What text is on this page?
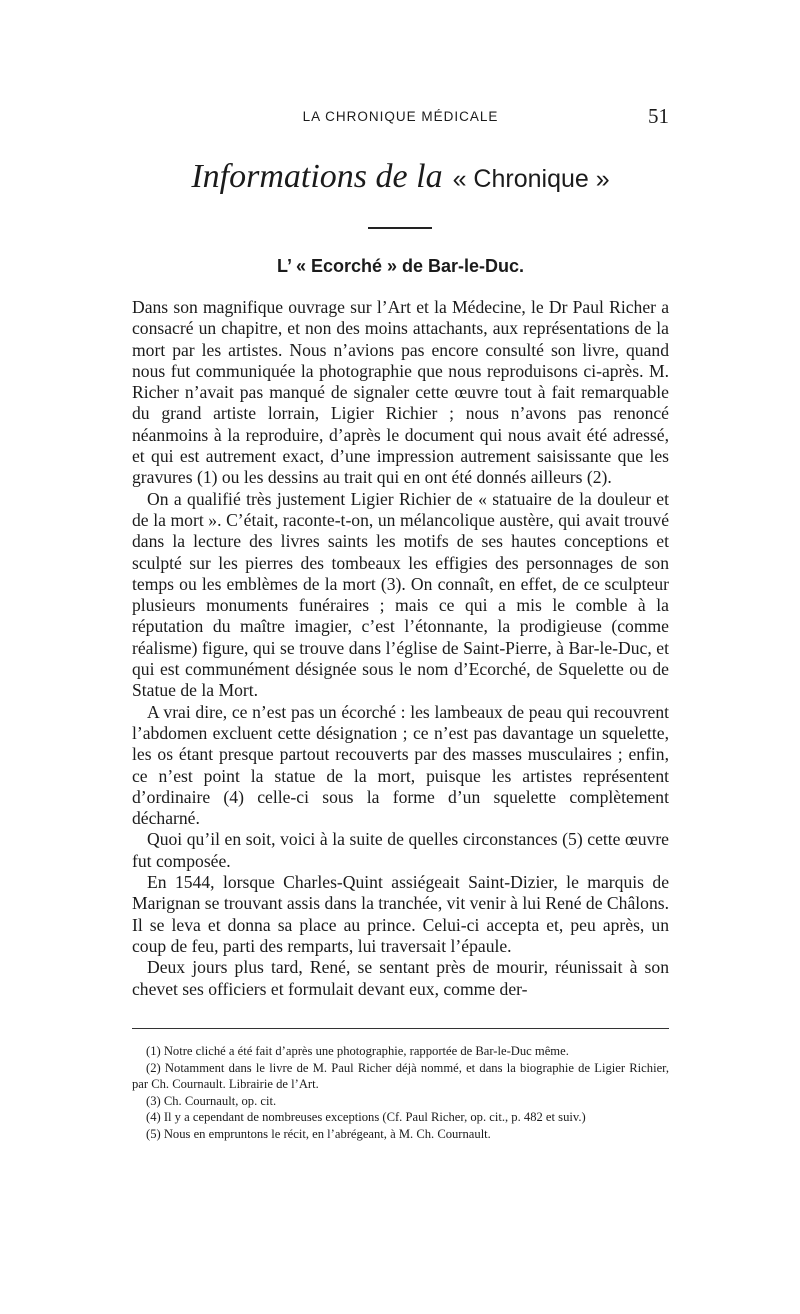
LA CHRONIQUE MÉDICALE	51
Informations de la « Chronique »
L’ « Ecorché » de Bar-le-Duc.

Dans son magnifique ouvrage sur l’Art et la Médecine, le Dr Paul Richer a consacré un chapitre, et non des moins attachants, aux représentations de la mort par les artistes. Nous n’avions pas encore consulté son livre, quand nous fut communiquée la photographie que nous reproduisons ci-après. M. Richer n’avait pas manqué de signaler cette œuvre tout à fait remarquable du grand artiste lorrain, Ligier Richier ; nous n’avons pas renoncé néanmoins à la reproduire, d’après le document qui nous avait été adressé, et qui est autrement exact, d’une impression autrement saisissante que les gravures (1) ou les dessins au trait qui en ont été donnés ailleurs (2).

On a qualifié très justement Ligier Richier de « statuaire de la douleur et de la mort ». C’était, raconte-t-on, un mélancolique austère, qui avait trouvé dans la lecture des livres saints les motifs de ses hautes conceptions et sculpté sur les pierres des tombeaux les effigies des personnages de son temps ou les emblèmes de la mort (3). On connaît, en effet, de ce sculpteur plusieurs monuments funéraires ; mais ce qui a mis le comble à la réputation du maître imagier, c’est l’étonnante, la prodigieuse (comme réalisme) figure, qui se trouve dans l’église de Saint-Pierre, à Bar-le-Duc, et qui est communément désignée sous le nom d’Ecorché, de Squelette ou de Statue de la Mort.

A vrai dire, ce n’est pas un écorché : les lambeaux de peau qui recouvrent l’abdomen excluent cette désignation ; ce n’est pas davantage un squelette, les os étant presque partout recouverts par des masses musculaires ; enfin, ce n’est point la statue de la mort, puisque les artistes représentent d’ordinaire (4) celle-ci sous la forme d’un squelette complètement décharné.

Quoi qu’il en soit, voici à la suite de quelles circonstances (5) cette œuvre fut composée.

En 1544, lorsque Charles-Quint assiégeait Saint-Dizier, le marquis de Marignan se trouvant assis dans la tranchée, vit venir à lui René de Châlons. Il se leva et donna sa place au prince. Celui-ci accepta et, peu après, un coup de feu, parti des remparts, lui traversait l’épaule.

Deux jours plus tard, René, se sentant près de mourir, réunissait à son chevet ses officiers et formulait devant eux, comme der-

(1) Notre cliché a été fait d’après une photographie, rapportée de Bar-le-Duc même.

(2) Notamment dans le livre de M. Paul Richer déjà nommé, et dans la biographie de Ligier Richier, par Ch. Cournault. Librairie de l’Art.

(3) Ch. Cournault, op. cit.

(4) Il y a cependant de nombreuses exceptions (Cf. Paul Richer, op. cit., p. 482 et suiv.)

(5) Nous en empruntons le récit, en l’abrégeant, à M. Ch. Cournault.
